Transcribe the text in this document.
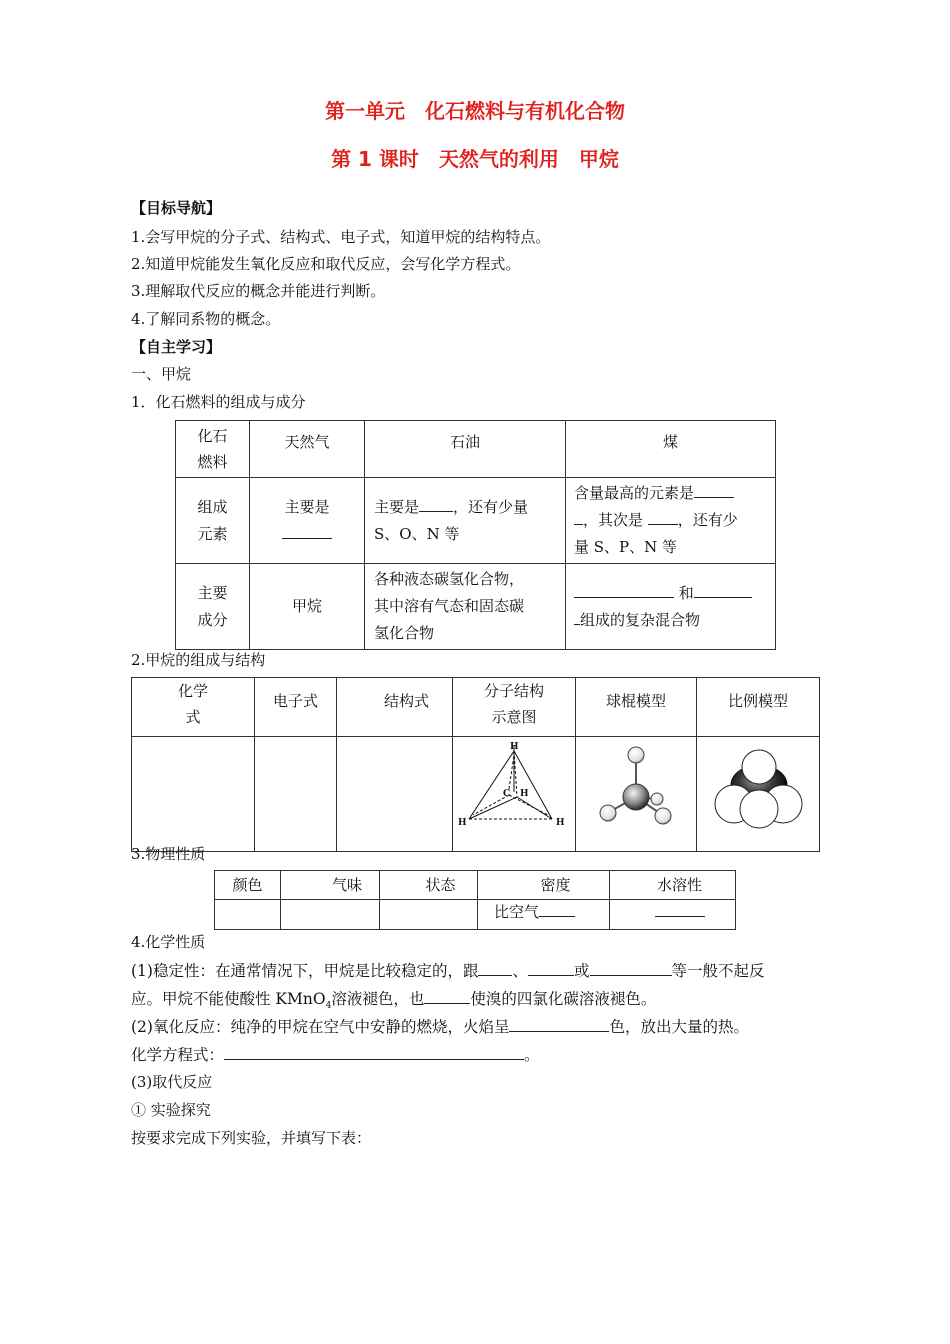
第一单元　化石燃料与有机化合物
第 1 课时　天然气的利用　甲烷
【目标导航】
1.会写甲烷的分子式、结构式、电子式，知道甲烷的结构特点。
2.知道甲烷能发生氧化反应和取代反应，会写化学方程式。
3.理解取代反应的概念并能进行判断。
4.了解同系物的概念。
【自主学习】
一、甲烷
1．化石燃料的组成与成分
化石
燃料	天然气	石油	煤
组成
元素	主要是	主要是 ，还有少量
S、O、N 等	含量最高的元素是
，其次是 ，还有少
量 S、P、N 等
主要
成分	甲烷	各种液态碳氢化合物，
其中溶有气态和固态碳
氢化合物	和
组成的复杂混合物
2.甲烷的组成与结构
化学
式	电子式	结构式	分子结构
示意图	球棍模型	比例模型

H
C H
H H

3.物理性质
颜色	气味	状态	密度	水溶性
			比空气	
4.化学性质
(1)稳定性：在通常情况下，甲烷是比较稳定的，跟 、	或	等一般不起反
应。甲烷不能使酸性 KMnO$_4$溶液褪色，也	使溴的四氯化碳溶液褪色。
(2)氧化反应：纯净的甲烷在空气中安静的燃烧，火焰呈	色，放出大量的热。
化学方程式：	。
(3)取代反应
① 实验探究
按要求完成下列实验，并填写下表：
